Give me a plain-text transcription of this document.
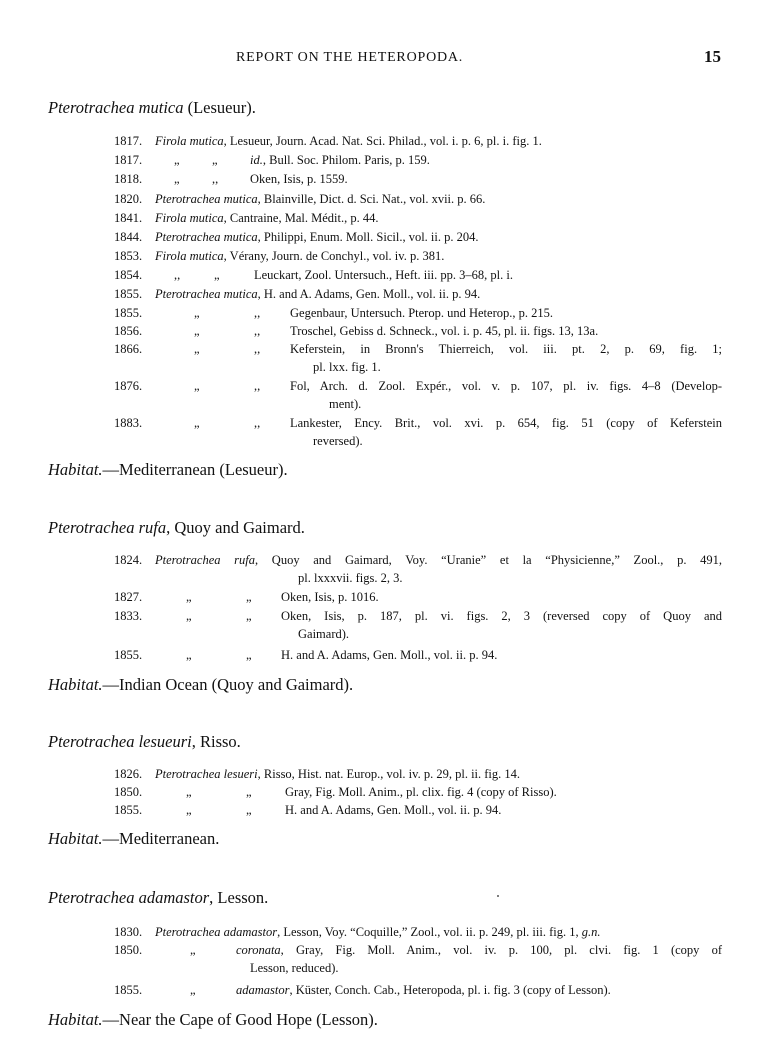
REPORT ON THE HETEROPODA.	15
Pterotrachea mutica (Lesueur).
1817. Firola mutica, Lesueur, Journ. Acad. Nat. Sci. Philad., vol. i. p. 6, pl. i. fig. 1.
1817.	„	„	id., Bull. Soc. Philom. Paris, p. 159.
1818.	„	,,	Oken, Isis, p. 1559.
1820. Pterotrachea mutica, Blainville, Dict. d. Sci. Nat., vol. xvii. p. 66.
1841. Firola mutica, Cantraine, Mal. Médit., p. 44.
1844. Pterotrachea mutica, Philippi, Enum. Moll. Sicil., vol. ii. p. 204.
1853. Firola mutica, Vérany, Journ. de Conchyl., vol. iv. p. 381.
1854.	,,	„	Leuckart, Zool. Untersuch., Heft. iii. pp. 3–68, pl. i.
1855. Pterotrachea mutica, H. and A. Adams, Gen. Moll., vol. ii. p. 94.
1855.	„	,, Gegenbaur, Untersuch. Pterop. und Heterop., p. 215.
1856.	„	,, Troschel, Gebiss d. Schneck., vol. i. p. 45, pl. ii. figs. 13, 13a.
1866.	„	,, Keferstein, in Bronn's Thierreich, vol. iii. pt. 2, p. 69, fig. 1;
pl. lxx. fig. 1.
1876.	„	,, Fol, Arch. d. Zool. Expér., vol. v. p. 107, pl. iv. figs. 4–8 (Develop-
ment).
1883.	„	,, Lankester, Ency. Brit., vol. xvi. p. 654, fig. 51 (copy of Keferstein
reversed).
Habitat.—Mediterranean (Lesueur).
Pterotrachea rufa, Quoy and Gaimard.
1824. Pterotrachea rufa, Quoy and Gaimard, Voy. “Uranie” et la “Physicienne,” Zool., p. 491,
pl. lxxxvii. figs. 2, 3.
1827.	„	„ Oken, Isis, p. 1016.
1833.	„	„ Oken, Isis, p. 187, pl. vi. figs. 2, 3 (reversed copy of Quoy and
Gaimard).
1855.	„	„ H. and A. Adams, Gen. Moll., vol. ii. p. 94.
Habitat.—Indian Ocean (Quoy and Gaimard).
Pterotrachea lesueuri, Risso.
1826. Pterotrachea lesueri, Risso, Hist. nat. Europ., vol. iv. p. 29, pl. ii. fig. 14.
1850.	„	„	Gray, Fig. Moll. Anim., pl. clix. fig. 4 (copy of Risso).
1855.	„	„	H. and A. Adams, Gen. Moll., vol. ii. p. 94.
Habitat.—Mediterranean.
Pterotrachea adamastor, Lesson.
1830. Pterotrachea adamastor, Lesson, Voy. “Coquille,” Zool., vol. ii. p. 249, pl. iii. fig. 1, g.n.
1850.	„	coronata, Gray, Fig. Moll. Anim., vol. iv. p. 100, pl. clvi. fig. 1 (copy of
Lesson, reduced).
1855.	„	adamastor, Küster, Conch. Cab., Heteropoda, pl. i. fig. 3 (copy of Lesson).
Habitat.—Near the Cape of Good Hope (Lesson).
